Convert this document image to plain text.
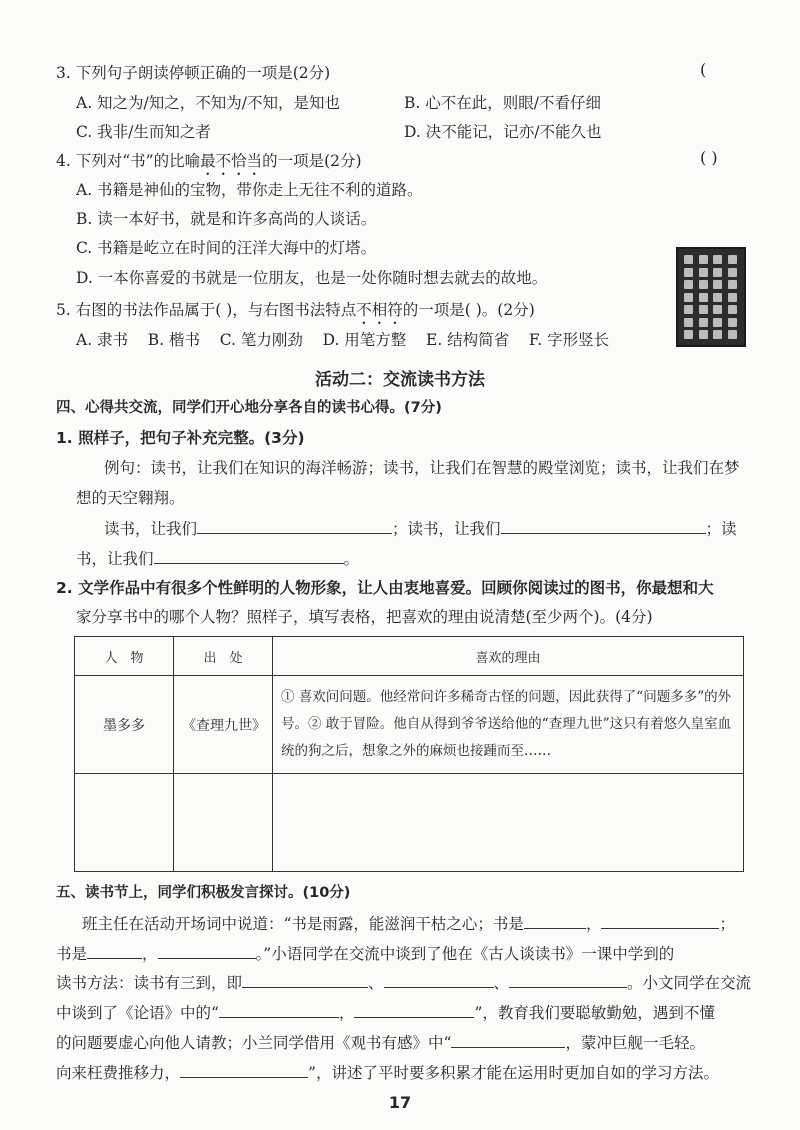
3. 下列句子朗读停顿正确的一项是(2分)	(
A. 知之为/知之，不知为/不知，是知也	B. 心不在此，则眼/不看仔细
C. 我非/生而知之者	D. 决不能记，记亦/不能久也
4. 下列对“书”的比喻最不恰当的一项是(2分)	( )
A. 书籍是神仙的宝物，带你走上无往不利的道路。
B. 读一本好书，就是和许多高尚的人谈话。
C. 书籍是屹立在时间的汪洋大海中的灯塔。
D. 一本你喜爱的书就是一位朋友，也是一处你随时想去就去的故地。
5. 右图的书法作品属于( )，与右图书法特点不相符的一项是( )。(2分)
A. 隶书    B. 楷书    C. 笔力刚劲    D. 用笔方整    E. 结构简省    F. 字形竖长
活动二：交流读书方法
四、心得共交流，同学们开心地分享各自的读书心得。(7分)
1. 照样子，把句子补充完整。(3分)
例句：读书，让我们在知识的海洋畅游；读书，让我们在智慧的殿堂浏览；读书，让我们在梦
想的天空翱翔。
读书，让我们	；读书，让我们	；读
书，让我们	。
2. 文学作品中有很多个性鲜明的人物形象，让人由衷地喜爱。回顾你阅读过的图书，你最想和大
家分享书中的哪个人物？照样子，填写表格，把喜欢的理由说清楚(至少两个)。(4分)
人　物	出　处	喜欢的理由
墨多多	《查理九世》	① 喜欢问问题。他经常问许多稀奇古怪的问题，因此获得了“问题多多”的外号。② 敢于冒险。他自从得到爷爷送给他的“查理九世”这只有着悠久皇室血统的狗之后，想象之外的麻烦也接踵而至……

五、读书节上，同学们积极发言探讨。(10分)
班主任在活动开场词中说道：“书是雨露，能滋润干枯之心；书是	，	；
书是	，	。”小语同学在交流中谈到了他在《古人谈读书》一课中学到的
读书方法：读书有三到，即	、	、	。小文同学在交流
中谈到了《论语》中的“	，	”，教育我们要聪敏勤勉，遇到不懂
的问题要虚心向他人请教；小兰同学借用《观书有感》中“	，蒙冲巨舰一毛轻。
向来枉费推移力，	”，讲述了平时要多积累才能在运用时更加自如的学习方法。
17
